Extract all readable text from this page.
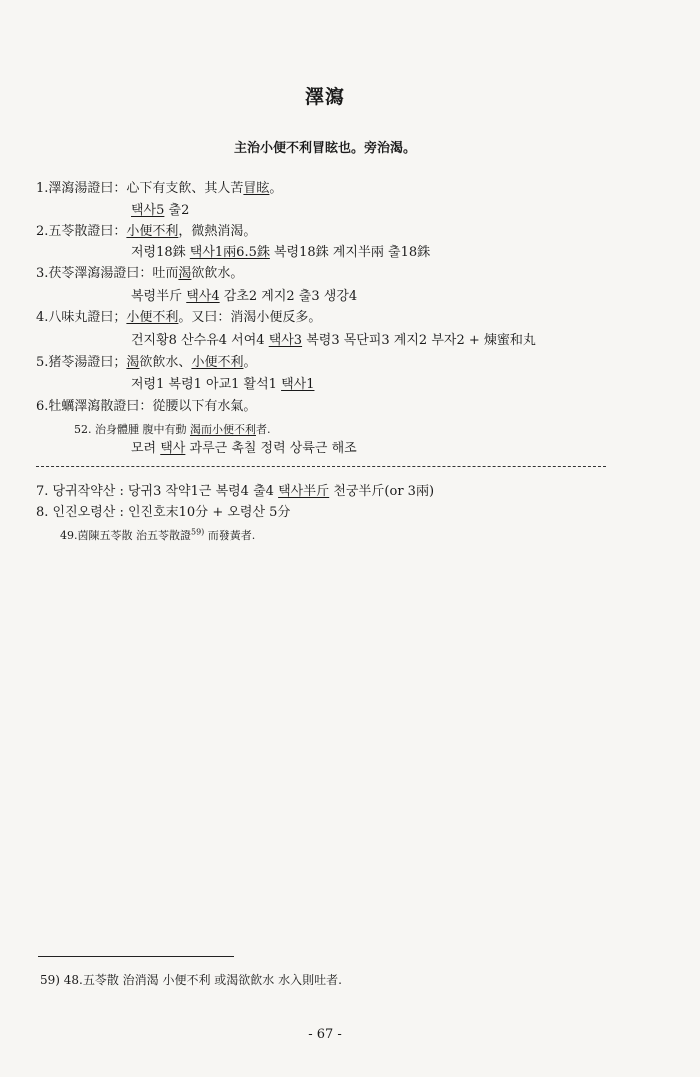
澤瀉
主治小便不利冒眩也。旁治渴。
1.澤瀉湯證曰：心下有支飮、其人苦冒眩。
택사5 출2
2.五苓散證曰：小便不利，微熱消渴。
저령18銖 택사1兩6.5銖 복령18銖 계지半兩 출18銖
3.茯苓澤瀉湯證曰：吐而渴欲飮水。
복령半斤 택사4 감초2 계지2 출3 생강4
4.八味丸證曰；小便不利。又曰：消渴小便反多。
건지황8 산수유4 서여4 택사3 복령3 목단피3 계지2 부자2 + 煉蜜和丸
5.猪苓湯證曰；渴欲飮水、小便不利。
저령1 복령1 아교1 활석1 택사1
6.牡蠣澤瀉散證曰：從腰以下有水氣。
52. 治身體腫 腹中有動 渴而小便不利者.
모려 택사 과루근 촉칠 정력 상륙근 해조
7. 당귀작약산 : 당귀3 작약1근 복령4 출4 택사半斤 천궁半斤(or 3兩)
8. 인진오령산 : 인진호末10分 + 오령산 5分
49.茵陳五苓散 治五苓散證$^{59)}$ 而發黃者.
59) 48.五苓散 治消渴 小便不利 或渴欲飮水 水入則吐者.
- 67 -
